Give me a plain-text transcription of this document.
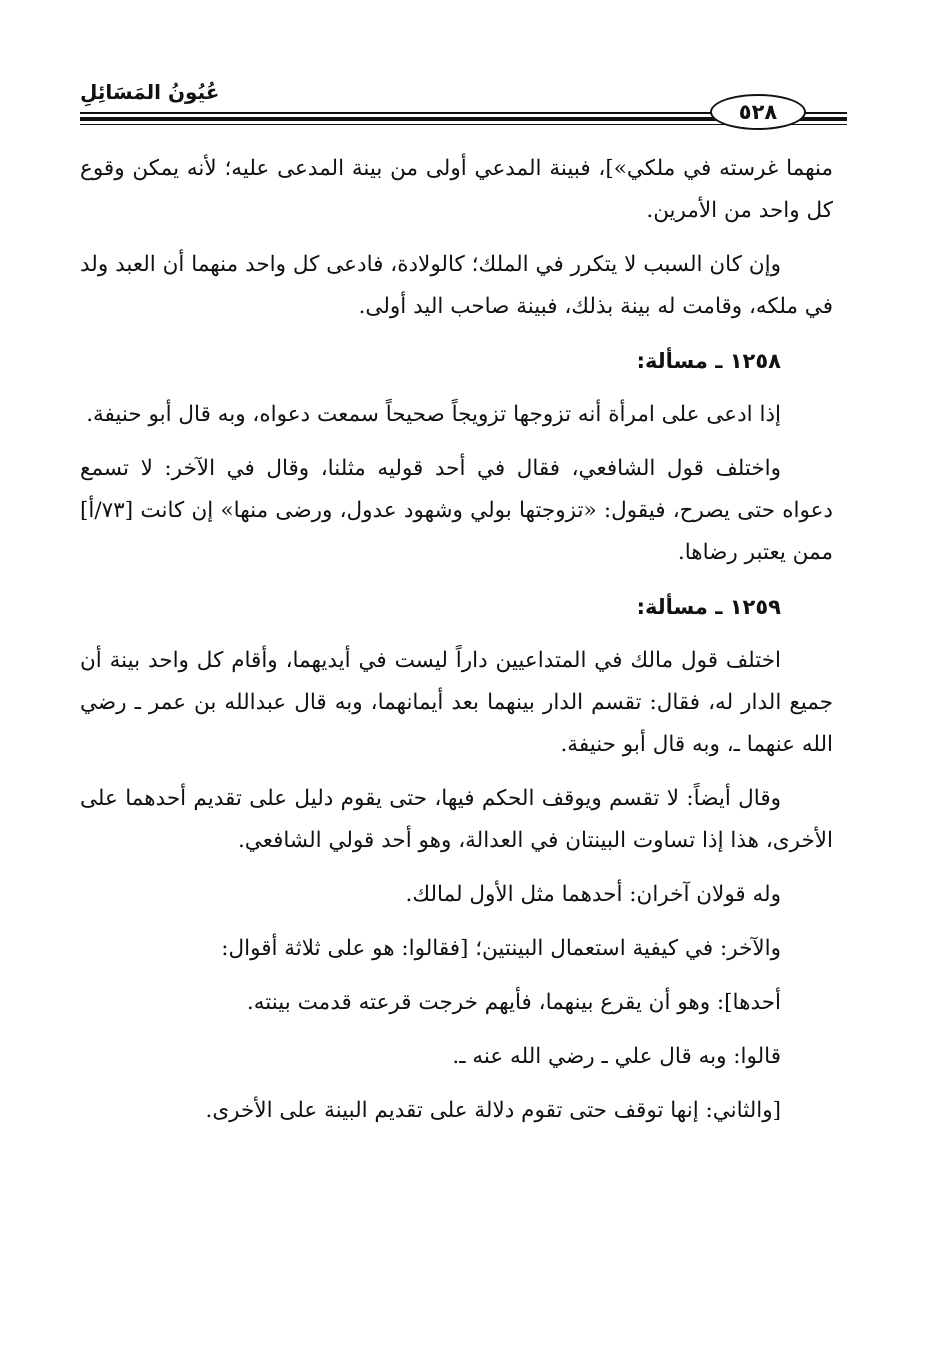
عُيُونُ المَسَائِلِ
٥٢٨

منهما غرسته في ملكي»]، فبينة المدعي أولى من بينة المدعى عليه؛ لأنه يمكن وقوع كل واحد من الأمرين.

وإن كان السبب لا يتكرر في الملك؛ كالولادة، فادعى كل واحد منهما أن العبد ولد في ملكه، وقامت له بينة بذلك، فبينة صاحب اليد أولى.

١٢٥٨ ـ مسألة:

إذا ادعى على امرأة أنه تزوجها تزويجاً صحيحاً سمعت دعواه، وبه قال أبو حنيفة.

واختلف قول الشافعي، فقال في أحد قوليه مثلنا، وقال في الآخر: لا تسمع دعواه حتى يصرح، فيقول: «تزوجتها بولي وشهود عدول، ورضى منها» إن كانت [٧٣/أ] ممن يعتبر رضاها.

١٢٥٩ ـ مسألة:

اختلف قول مالك في المتداعيين داراً ليست في أيديهما، وأقام كل واحد بينة أن جميع الدار له، فقال: تقسم الدار بينهما بعد أيمانهما، وبه قال عبدالله بن عمر ـ رضي الله عنهما ـ، وبه قال أبو حنيفة.

وقال أيضاً: لا تقسم ويوقف الحكم فيها، حتى يقوم دليل على تقديم أحدهما على الأخرى، هذا إذا تساوت البينتان في العدالة، وهو أحد قولي الشافعي.

وله قولان آخران: أحدهما مثل الأول لمالك.

والآخر: في كيفية استعمال البينتين؛ [فقالوا: هو على ثلاثة أقوال:

أحدها]: وهو أن يقرع بينهما، فأيهم خرجت قرعته قدمت بينته.

قالوا: وبه قال علي ـ رضي الله عنه ـ.

[والثاني: إنها توقف حتى تقوم دلالة على تقديم البينة على الأخرى.
